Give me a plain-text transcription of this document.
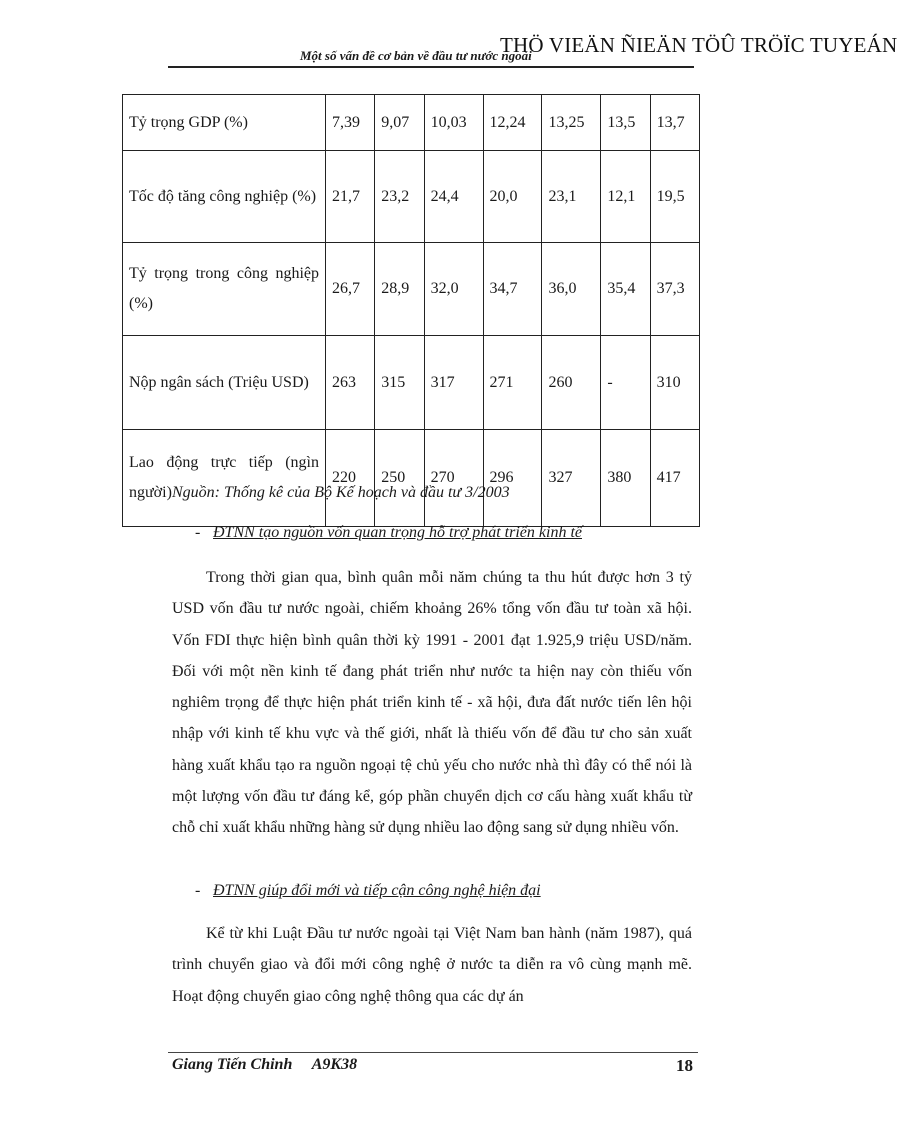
THÖ VIEÄN ÑIEÄN TÖÛ TRÖÏC TUYEÁN
Một số vấn đề cơ bản về đầu tư nước ngoài
Tỷ trọng GDP (%)	7,39	9,07	10,03	12,24	13,25	13,5	13,7
Tốc độ tăng công nghiệp (%)	21,7	23,2	24,4	20,0	23,1	12,1	19,5
Tỷ trọng trong công nghiệp (%)	26,7	28,9	32,0	34,7	36,0	35,4	37,3
Nộp ngân sách (Triệu USD)	263	315	317	271	260	-	310
Lao động trực tiếp (ngìn người)	220	250	270	296	327	380	417
Nguồn: Thống kê của Bộ Kế hoạch và đầu tư 3/2003
- ĐTNN tạo nguồn vốn quan trọng hỗ trợ phát triển kinh tế

Trong thời gian qua, bình quân mỗi năm chúng ta thu hút được hơn 3 tỷ USD vốn đầu tư nước ngoài, chiếm khoảng 26% tổng vốn đầu tư toàn xã hội. Vốn FDI thực hiện bình quân thời kỳ 1991 - 2001 đạt 1.925,9 triệu USD/năm. Đối với một nền kinh tế đang phát triển như nước ta hiện nay còn thiếu vốn nghiêm trọng để thực hiện phát triển kinh tế - xã hội, đưa đất nước tiến lên hội nhập với kinh tế khu vực và thế giới, nhất là thiếu vốn để đầu tư cho sản xuất hàng xuất khẩu tạo ra nguồn ngoại tệ chủ yếu cho nước nhà thì đây có thể nói là một lượng vốn đầu tư đáng kể, góp phần chuyển dịch cơ cấu hàng xuất khẩu từ chỗ chỉ xuất khẩu những hàng sử dụng nhiều lao động sang sử dụng nhiều vốn.

- ĐTNN giúp đổi mới và tiếp cận công nghệ hiện đại

Kể từ khi Luật Đầu tư nước ngoài tại Việt Nam ban hành (năm 1987), quá trình chuyển giao và đổi mới công nghệ ở nước ta diễn ra vô cùng mạnh mẽ. Hoạt động chuyển giao công nghệ thông qua các dự án

Giang Tiến Chinh     A9K38	18
